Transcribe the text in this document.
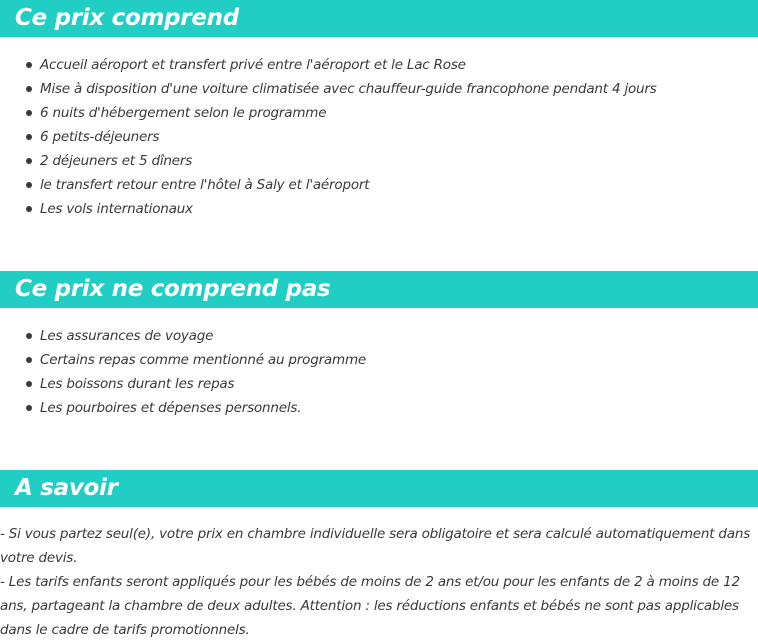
Ce prix comprend
Accueil aéroport et transfert privé entre l'aéroport et le Lac Rose
Mise à disposition d'une voiture climatisée avec chauffeur-guide francophone pendant 4 jours
6 nuits d'hébergement selon le programme
6 petits-déjeuners
2 déjeuners et 5 dîners
le transfert retour entre l'hôtel à Saly et l'aéroport
Les vols internationaux
Ce prix ne comprend pas
Les assurances de voyage
Certains repas comme mentionné au programme
Les boissons durant les repas
Les pourboires et dépenses personnels.
A savoir

- Si vous partez seul(e), votre prix en chambre individuelle sera obligatoire et sera calculé automatiquement dans votre devis.

- Les tarifs enfants seront appliqués pour les bébés de moins de 2 ans et/ou pour les enfants de 2 à moins de 12 ans, partageant la chambre de deux adultes. Attention : les réductions enfants et bébés ne sont pas applicables dans le cadre de tarifs promotionnels.
